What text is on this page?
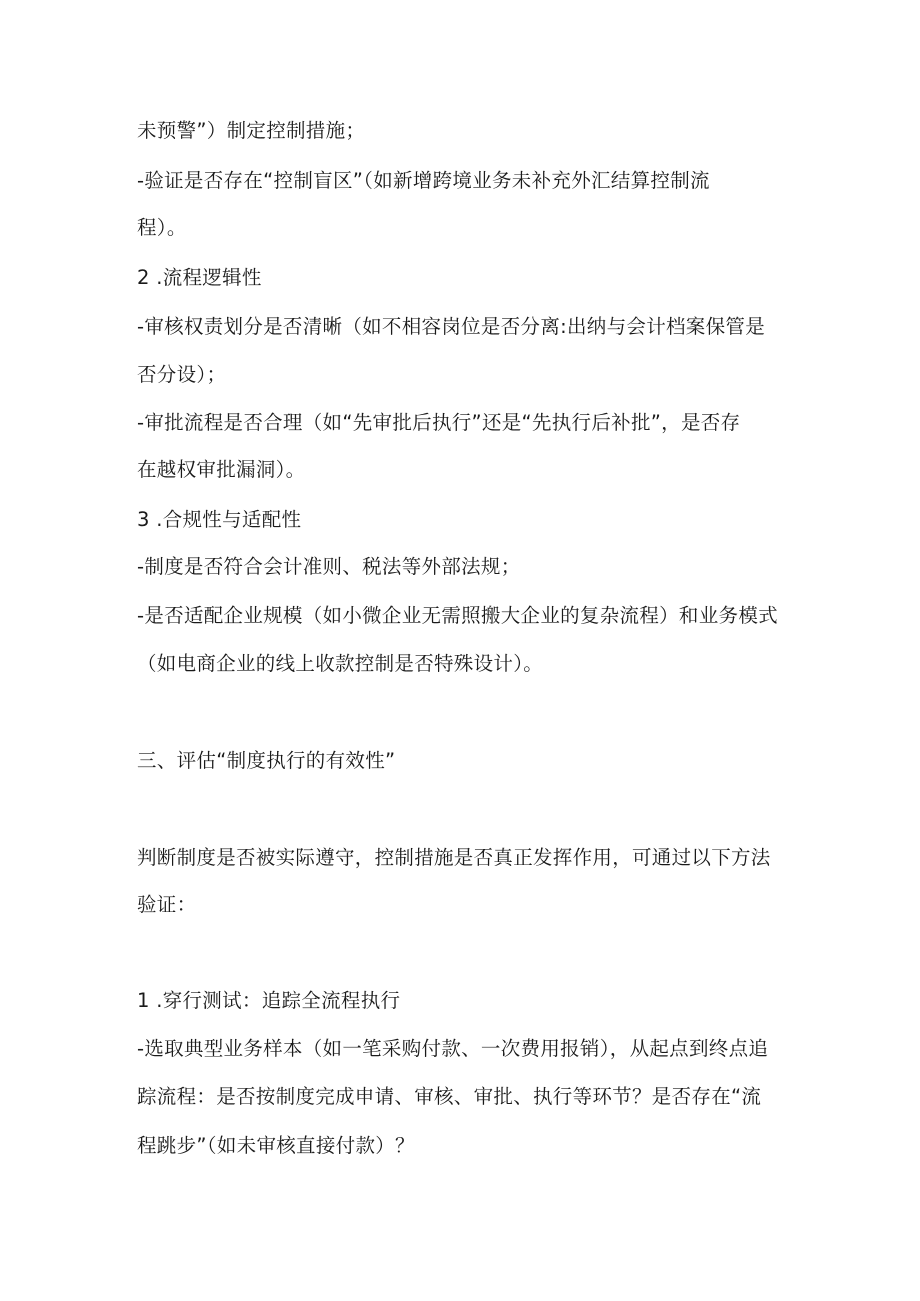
未预警”）制定控制措施；
-验证是否存在“控制盲区”（如新增跨境业务未补充外汇结算控制流
程）。
2 .流程逻辑性
-审核权责划分是否清晰（如不相容岗位是否分离:出纳与会计档案保管是
否分设）；
-审批流程是否合理（如“先审批后执行”还是“先执行后补批”，是否存
在越权审批漏洞）。
3 .合规性与适配性
-制度是否符合会计准则、税法等外部法规；
-是否适配企业规模（如小微企业无需照搬大企业的复杂流程）和业务模式
（如电商企业的线上收款控制是否特殊设计）。
三、评估“制度执行的有效性”
判断制度是否被实际遵守，控制措施是否真正发挥作用，可通过以下方法
验证：
1 .穿行测试：追踪全流程执行
-选取典型业务样本（如一笔采购付款、一次费用报销），从起点到终点追
踪流程：是否按制度完成申请、审核、审批、执行等环节？是否存在“流
程跳步”（如未审核直接付款）？
